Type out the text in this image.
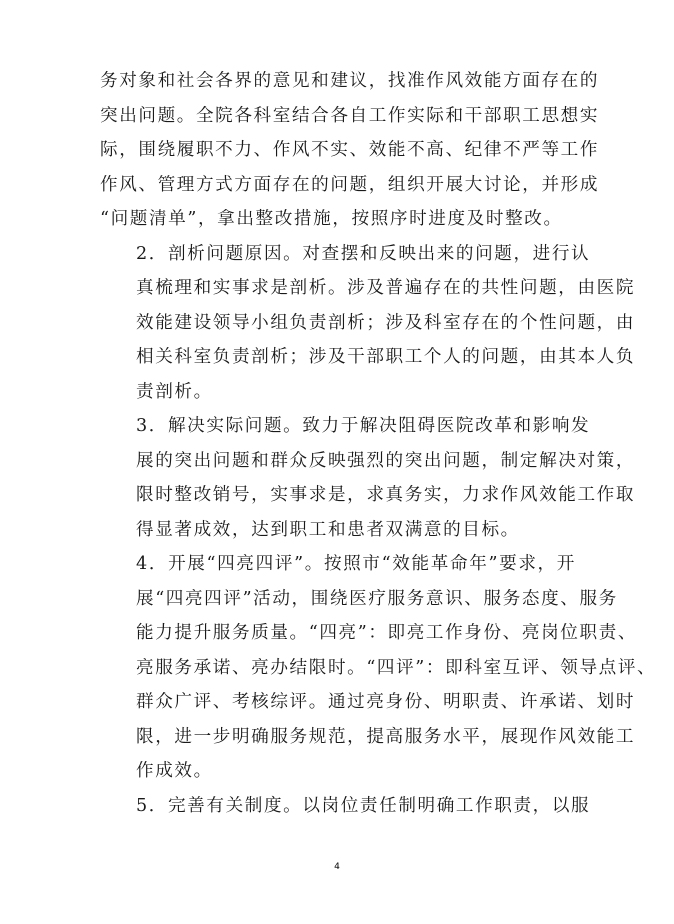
务对象和社会各界的意见和建议，找准作风效能方面存在的
突出问题。全院各科室结合各自工作实际和干部职工思想实
际，围绕履职不力、作风不实、效能不高、纪律不严等工作
作风、管理方式方面存在的问题，组织开展大讨论，并形成
“问题清单”，拿出整改措施，按照序时进度及时整改。

2．剖析问题原因。对查摆和反映出来的问题，进行认
真梳理和实事求是剖析。涉及普遍存在的共性问题，由医院
效能建设领导小组负责剖析；涉及科室存在的个性问题，由
相关科室负责剖析；涉及干部职工个人的问题，由其本人负
责剖析。

3．解决实际问题。致力于解决阻碍医院改革和影响发
展的突出问题和群众反映强烈的突出问题，制定解决对策，
限时整改销号，实事求是，求真务实，力求作风效能工作取
得显著成效，达到职工和患者双满意的目标。

4．开展“四亮四评”。按照市“效能革命年”要求，开
展“四亮四评”活动，围绕医疗服务意识、服务态度、服务
能力提升服务质量。“四亮”：即亮工作身份、亮岗位职责、
亮服务承诺、亮办结限时。“四评”：即科室互评、领导点评、
群众广评、考核综评。通过亮身份、明职责、许承诺、划时
限，进一步明确服务规范，提高服务水平，展现作风效能工
作成效。

5．完善有关制度。以岗位责任制明确工作职责，以服

4
